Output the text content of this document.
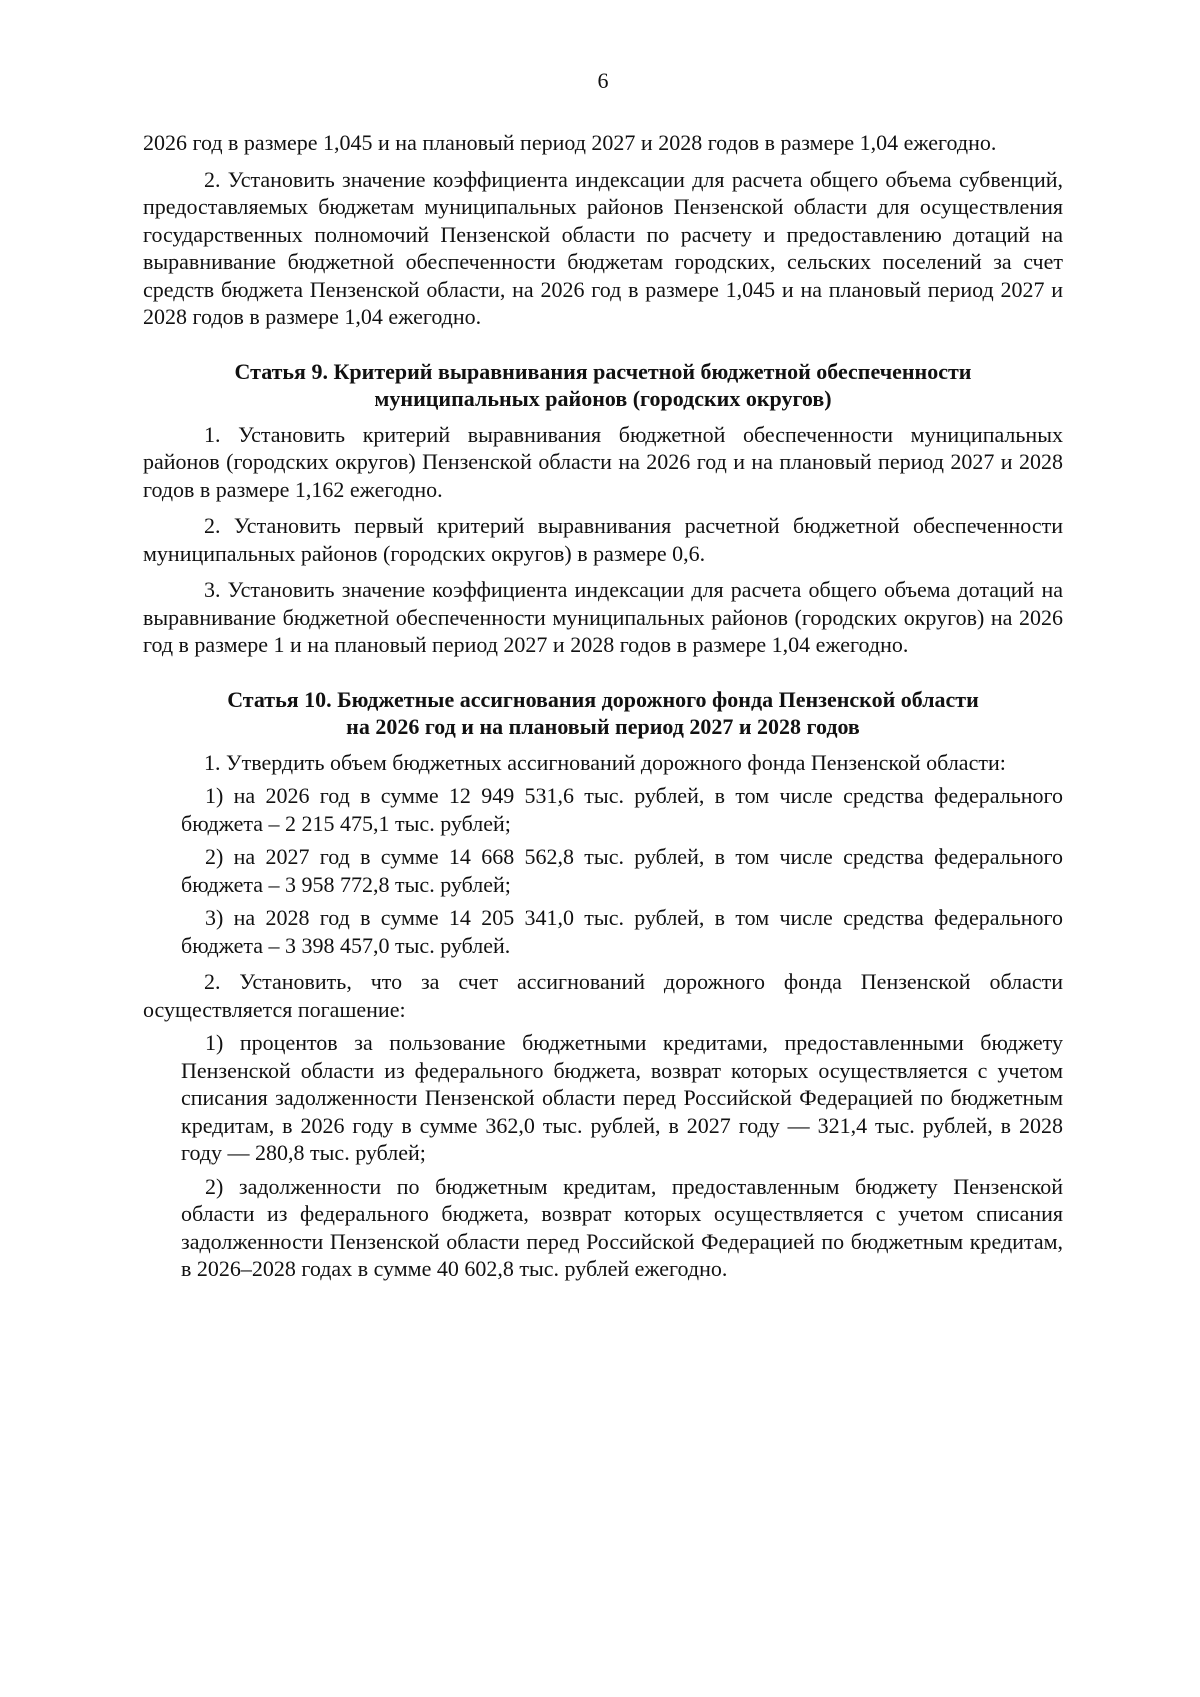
6

2026 год в размере 1,045 и на плановый период 2027 и 2028 годов в размере 1,04 ежегодно.

2. Установить значение коэффициента индексации для расчета общего объема субвенций, предоставляемых бюджетам муниципальных районов Пензенской области для осуществления государственных полномочий Пензенской области по расчету и предоставлению дотаций на выравнивание бюджетной обеспеченности бюджетам городских, сельских поселений за счет средств бюджета Пензенской области, на 2026 год в размере 1,045 и на плановый период 2027 и 2028 годов в размере 1,04 ежегодно.

Статья 9. Критерий выравнивания расчетной бюджетной обеспеченности
муниципальных районов (городских округов)

1. Установить критерий выравнивания бюджетной обеспеченности муниципальных районов (городских округов) Пензенской области на 2026 год и на плановый период 2027 и 2028 годов в размере 1,162 ежегодно.

2. Установить первый критерий выравнивания расчетной бюджетной обеспеченности муниципальных районов (городских округов) в размере 0,6.

3. Установить значение коэффициента индексации для расчета общего объема дотаций на выравнивание бюджетной обеспеченности муниципальных районов (городских округов) на 2026 год в размере 1 и на плановый период 2027 и 2028 годов в размере 1,04 ежегодно.

Статья 10. Бюджетные ассигнования дорожного фонда Пензенской области
на 2026 год и на плановый период 2027 и 2028 годов

1. Утвердить объем бюджетных ассигнований дорожного фонда Пензенской области:

1) на 2026 год в сумме 12 949 531,6 тыс. рублей, в том числе средства федерального бюджета – 2 215 475,1 тыс. рублей;

2) на 2027 год в сумме 14 668 562,8 тыс. рублей, в том числе средства федерального бюджета – 3 958 772,8 тыс. рублей;

3) на 2028 год в сумме 14 205 341,0 тыс. рублей, в том числе средства федерального бюджета – 3 398 457,0 тыс. рублей.

2. Установить, что за счет ассигнований дорожного фонда Пензенской области осуществляется погашение:

1) процентов за пользование бюджетными кредитами, предоставленными бюджету Пензенской области из федерального бюджета, возврат которых осуществляется с учетом списания задолженности Пензенской области перед Российской Федерацией по бюджетным кредитам, в 2026 году в сумме 362,0 тыс. рублей, в 2027 году — 321,4 тыс. рублей, в 2028 году — 280,8 тыс. рублей;

2) задолженности по бюджетным кредитам, предоставленным бюджету Пензенской области из федерального бюджета, возврат которых осуществляется с учетом списания задолженности Пензенской области перед Российской Федерацией по бюджетным кредитам, в 2026–2028 годах в сумме 40 602,8 тыс. рублей ежегодно.
